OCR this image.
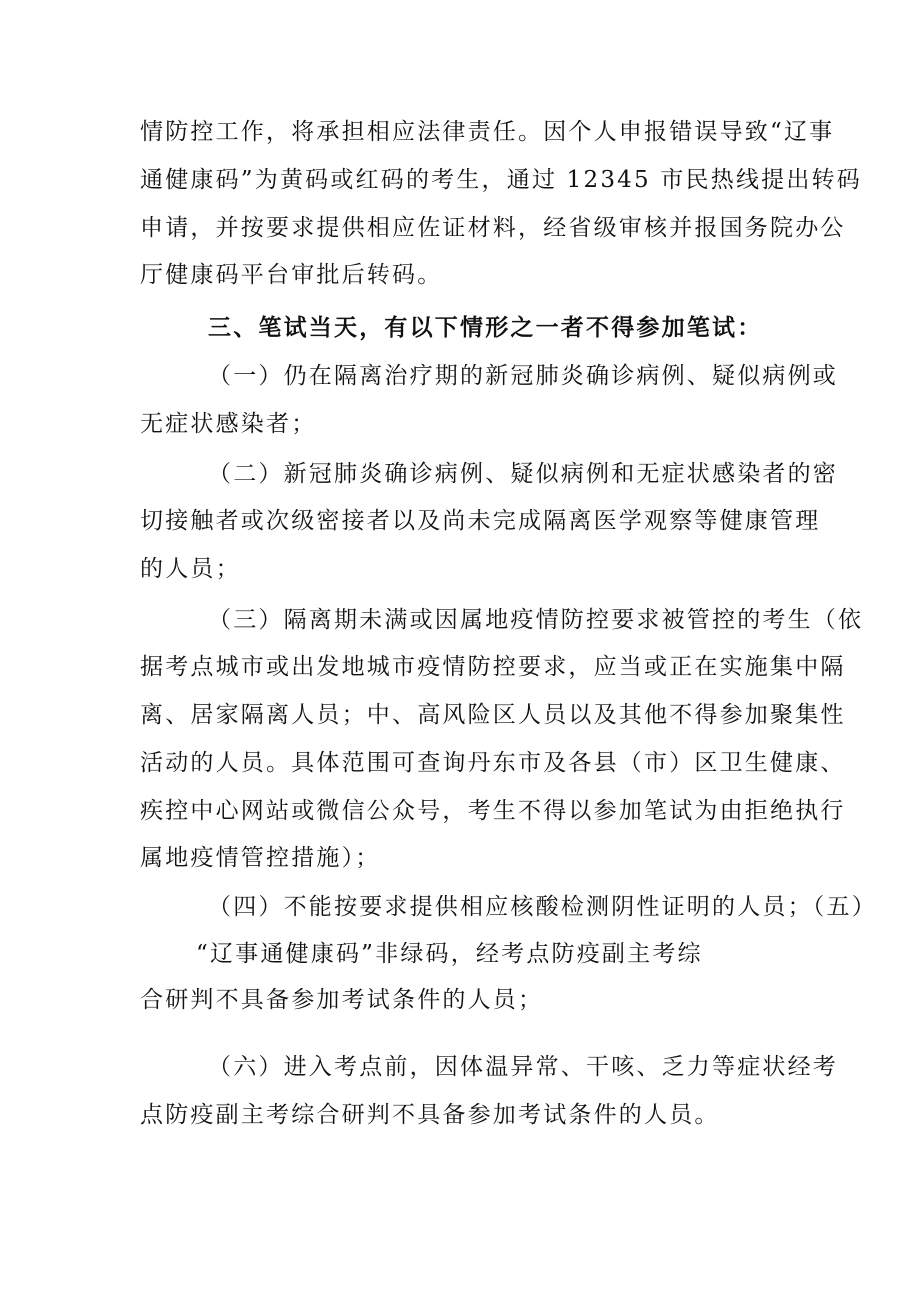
情防控工作，将承担相应法律责任。因个人申报错误导致“辽事
通健康码”为黄码或红码的考生，通过 12345 市民热线提出转码
申请，并按要求提供相应佐证材料，经省级审核并报国务院办公
厅健康码平台审批后转码。
三、笔试当天，有以下情形之一者不得参加笔试：
（一）仍在隔离治疗期的新冠肺炎确诊病例、疑似病例或
无症状感染者；
（二）新冠肺炎确诊病例、疑似病例和无症状感染者的密
切接触者或次级密接者以及尚未完成隔离医学观察等健康管理
的人员；
（三）隔离期未满或因属地疫情防控要求被管控的考生（依
据考点城市或出发地城市疫情防控要求，应当或正在实施集中隔
离、居家隔离人员；中、高风险区人员以及其他不得参加聚集性
活动的人员。具体范围可查询丹东市及各县（市）区卫生健康、
疾控中心网站或微信公众号，考生不得以参加笔试为由拒绝执行
属地疫情管控措施）；
（四）不能按要求提供相应核酸检测阴性证明的人员；（五）
“辽事通健康码”非绿码，经考点防疫副主考综
合研判不具备参加考试条件的人员；
（六）进入考点前，因体温异常、干咳、乏力等症状经考
点防疫副主考综合研判不具备参加考试条件的人员。
